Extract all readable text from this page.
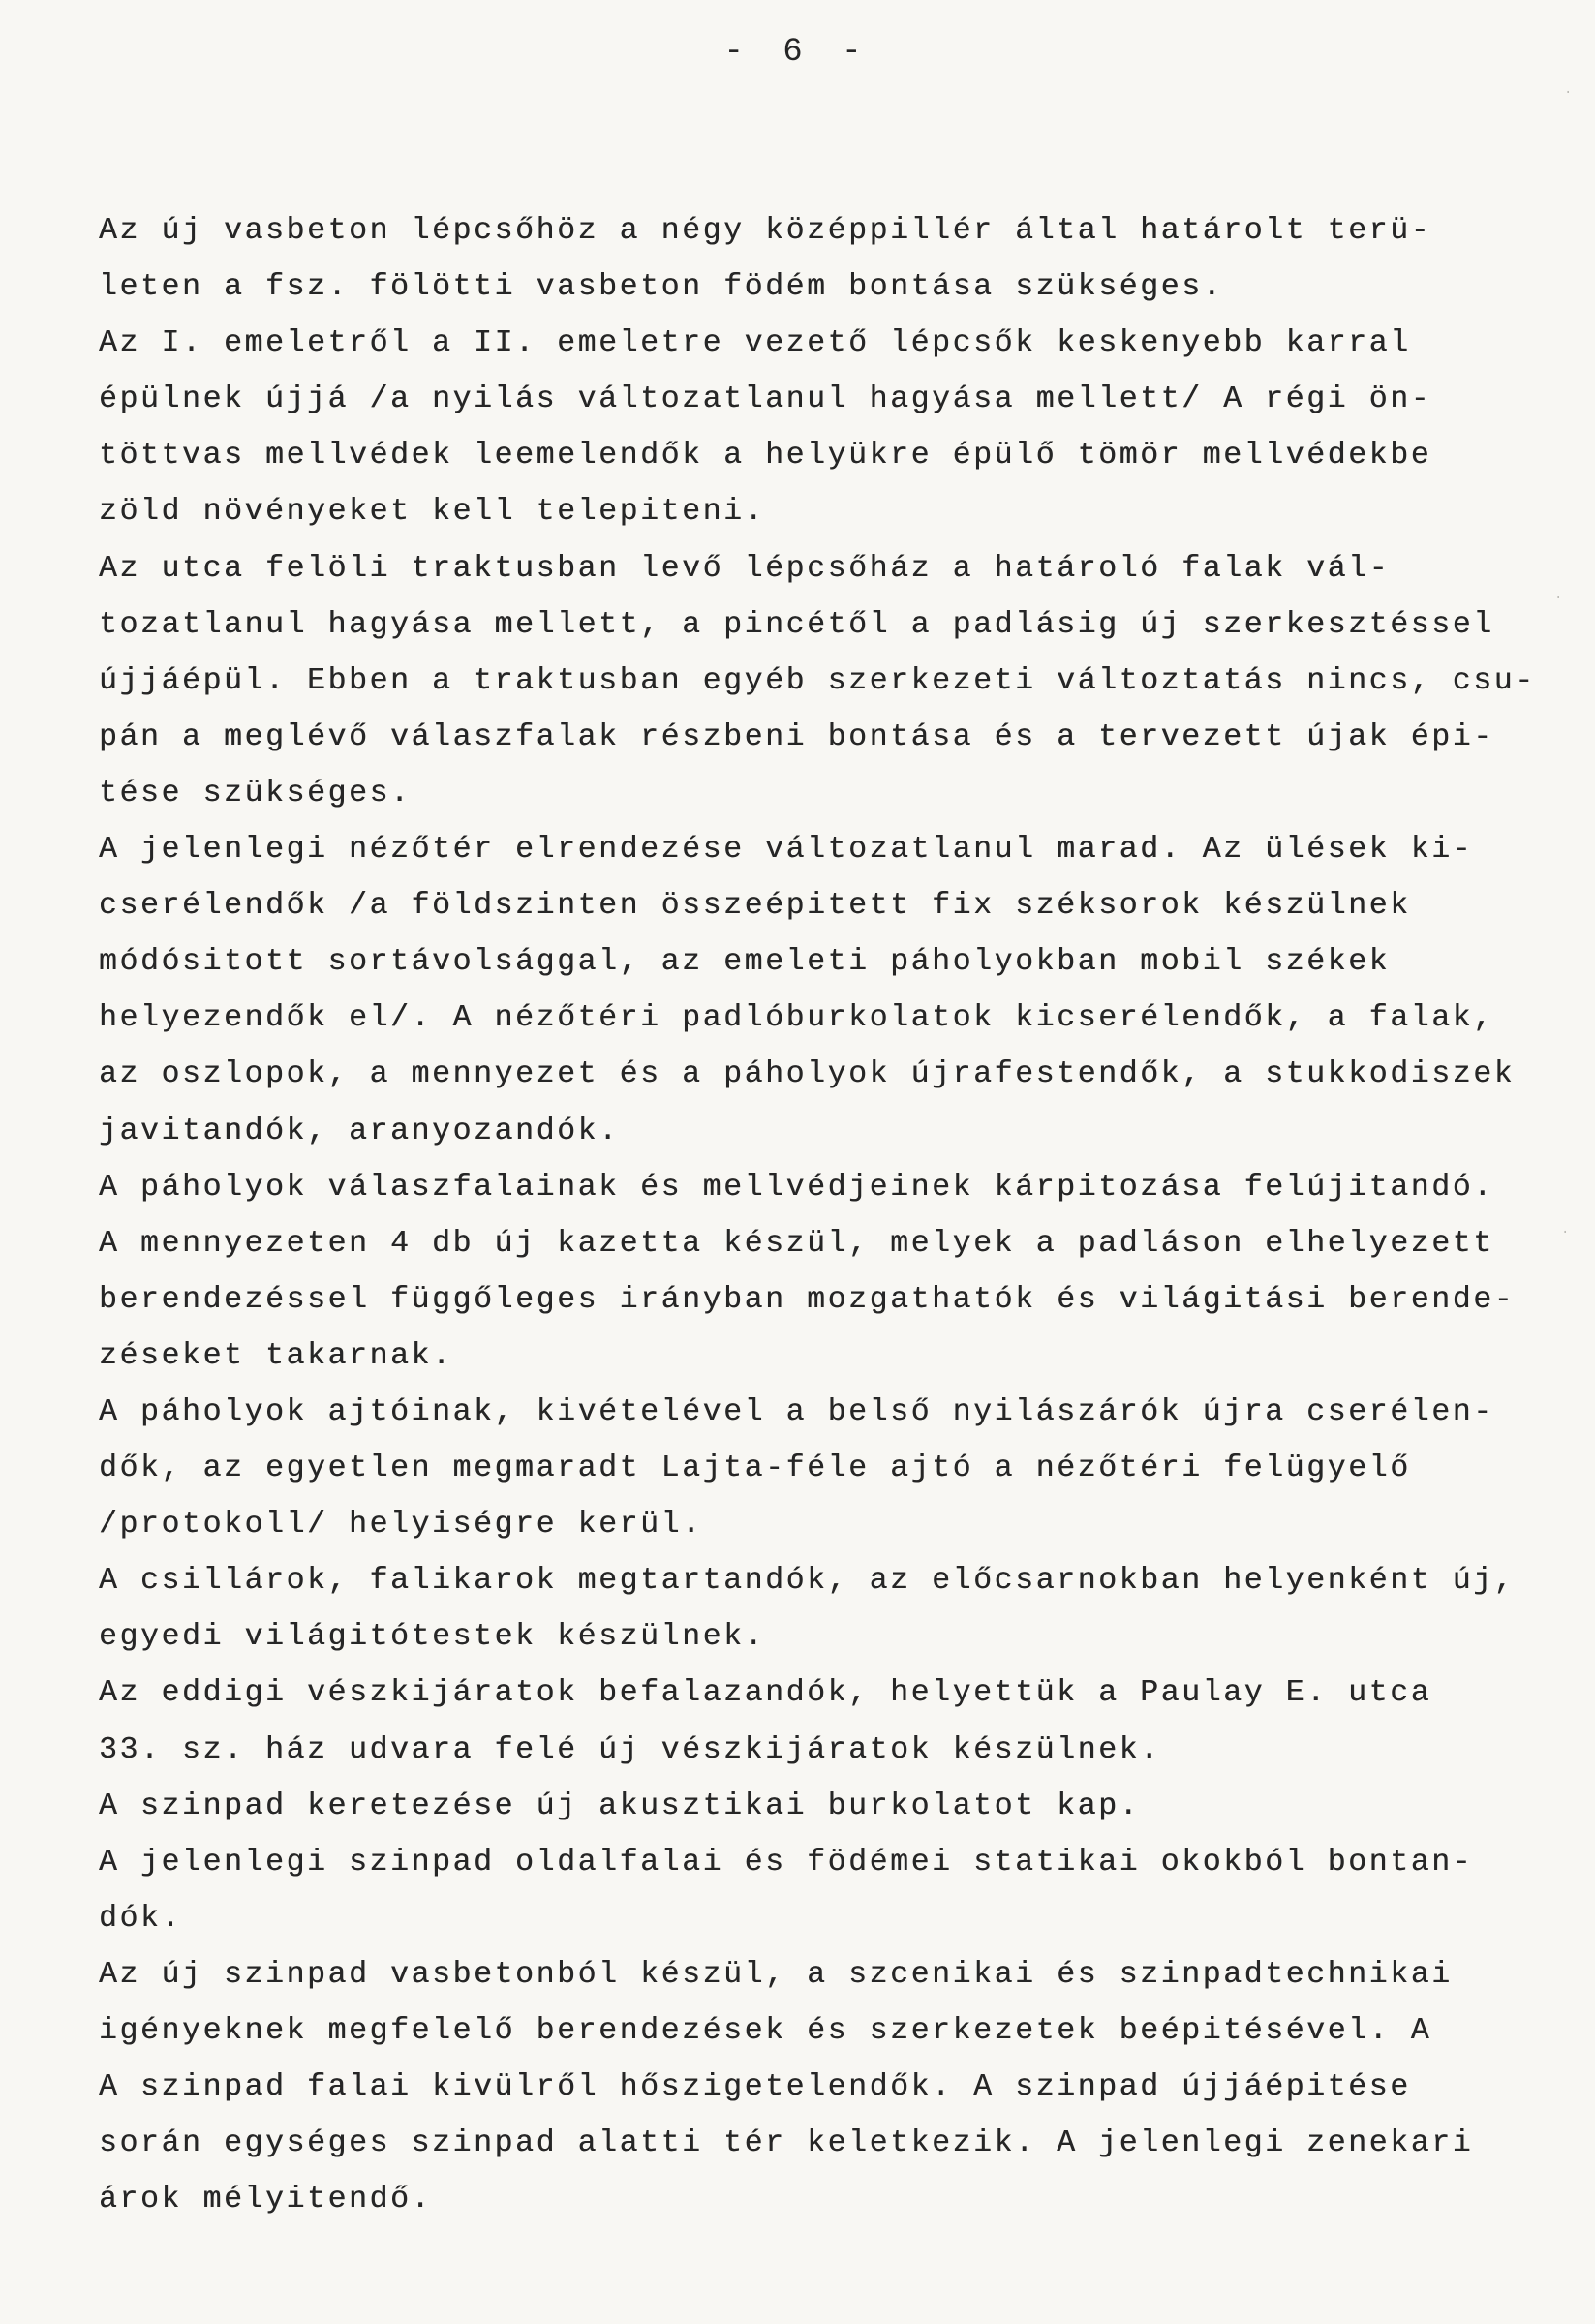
- 6 -
·
·
·
Az új vasbeton lépcsőhöz a négy középpillér által határolt terü-
leten a fsz. fölötti vasbeton födém bontása szükséges.
Az I. emeletről a II. emeletre vezető lépcsők keskenyebb karral
épülnek újjá /a nyilás változatlanul hagyása mellett/ A régi ön-
töttvas mellvédek leemelendők a helyükre épülő tömör mellvédekbe
zöld növényeket kell telepiteni.
Az utca felöli traktusban levő lépcsőház a határoló falak vál-
tozatlanul hagyása mellett, a pincétől a padlásig új szerkesztéssel
újjáépül. Ebben a traktusban egyéb szerkezeti változtatás nincs, csu-
pán a meglévő válaszfalak részbeni bontása és a tervezett újak épi-
tése szükséges.
A jelenlegi nézőtér elrendezése változatlanul marad. Az ülések ki-
cserélendők /a földszinten összeépitett fix széksorok készülnek
módósitott sortávolsággal, az emeleti páholyokban mobil székek
helyezendők el/. A nézőtéri padlóburkolatok kicserélendők, a falak,
az oszlopok, a mennyezet és a páholyok újrafestendők, a stukkodiszek
javitandók, aranyozandók.
A páholyok válaszfalainak és mellvédjeinek kárpitozása felújitandó.
A mennyezeten 4 db új kazetta készül, melyek a padláson elhelyezett
berendezéssel függőleges irányban mozgathatók és világitási berende-
zéseket takarnak.
A páholyok ajtóinak, kivételével a belső nyilászárók újra cserélen-
dők, az egyetlen megmaradt Lajta-féle ajtó a nézőtéri felügyelő
/protokoll/ helyiségre kerül.
A csillárok, falikarok megtartandók, az előcsarnokban helyenként új,
egyedi világitótestek készülnek.
Az eddigi vészkijáratok befalazandók, helyettük a Paulay E. utca
33. sz. ház udvara felé új vészkijáratok készülnek.
A szinpad keretezése új akusztikai burkolatot kap.
A jelenlegi szinpad oldalfalai és födémei statikai okokból bontan-
dók.
Az új szinpad vasbetonból készül, a szcenikai és szinpadtechnikai
igényeknek megfelelő berendezések és szerkezetek beépitésével. A
A szinpad falai kivülről hőszigetelendők. A szinpad újjáépitése
során egységes szinpad alatti tér keletkezik. A jelenlegi zenekari
árok mélyitendő.
